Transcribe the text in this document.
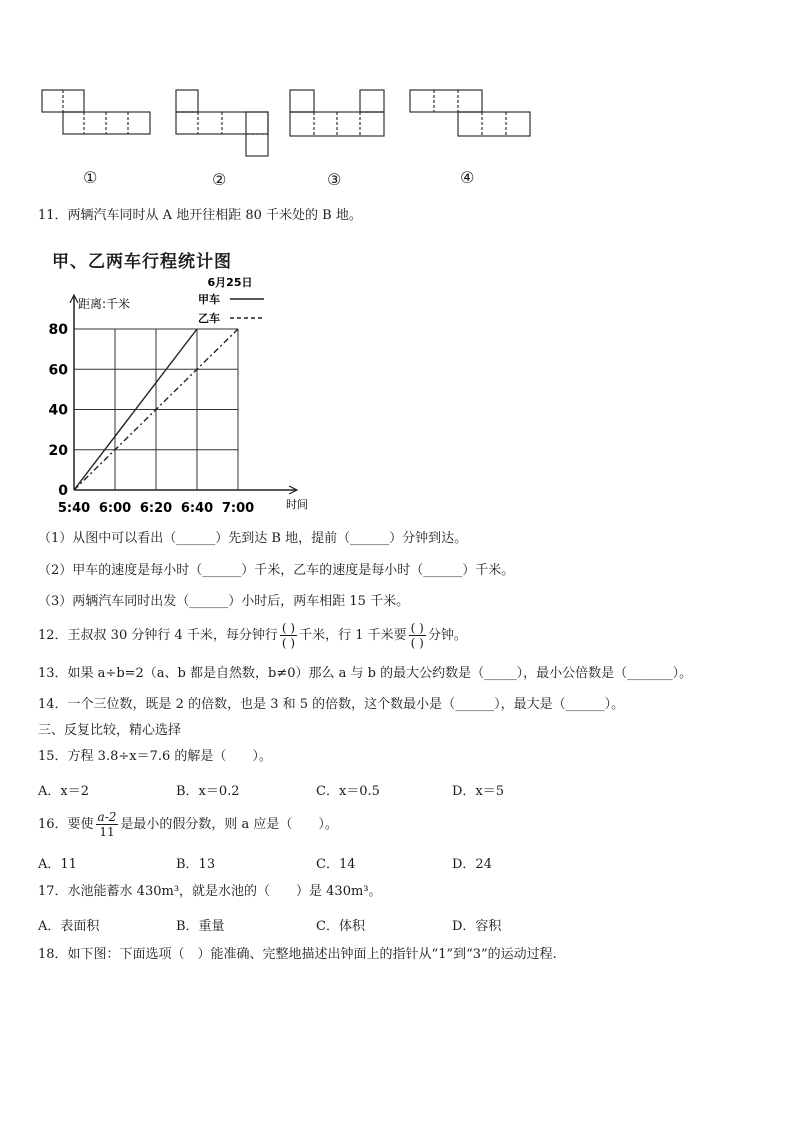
①	②	③	④
11．两辆汽车同时从 A 地开往相距 80 千米处的 B 地。
甲、乙两车行程统计图
6月25日
距离:千米
时间
甲车
乙车
0
20
40
60
80
5:40 6:00 6:20 6:40 7:00
（1）从图中可以看出（______）先到达 B 地，提前（______）分钟到达。
（2）甲车的速度是每小时（______）千米，乙车的速度是每小时（______）千米。
（3）两辆汽车同时出发（______）小时后，两车相距 15 千米。
12．王叔叔 30 分钟行 4 千米，每分钟行 $\frac{( )}{( )}$ 千米，行 1 千米要 $\frac{( )}{( )}$ 分钟。
13．如果 a÷b=2（a、b 都是自然数，b≠0）那么 a 与 b 的最大公约数是（_____），最小公倍数是（_______）。
14．一个三位数，既是 2 的倍数，也是 3 和 5 的倍数，这个数最小是（______），最大是（______）。
三、反复比较，精心选择
15．方程 3.8÷x＝7.6 的解是（　　）。
A．x＝2	B．x＝0.2	C．x＝0.5	D．x＝5
16．要使 $\frac{a-2}{11}$ 是最小的假分数，则 a 应是（　　）。
A．11	B．13	C．14	D．24
17．水池能蓄水 430m³，就是水池的（　　）是 430m³。
A．表面积	B．重量	C．体积	D．容积
18．如下图：下面选项（　）能准确、完整地描述出钟面上的指针从“1”到“3”的运动过程.
